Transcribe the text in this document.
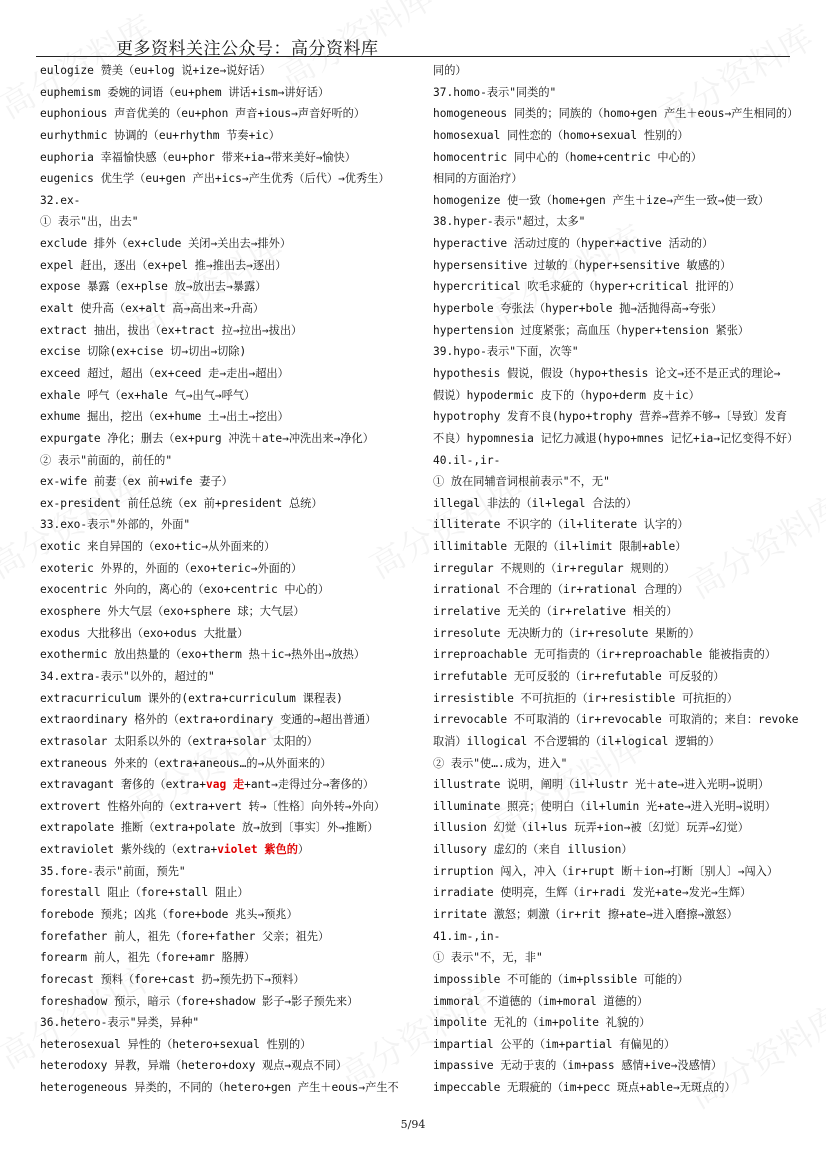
更多资料关注公众号：高分资料库
eulogize 赞美（eu+log 说+ize→说好话）
euphemism 委婉的词语（eu+phem 讲话+ism→讲好话）
euphonious 声音优美的（eu+phon 声音+ious→声音好听的）
eurhythmic 协调的（eu+rhythm 节奏+ic）
euphoria 幸福愉快感（eu+phor 带来+ia→带来美好→愉快）
eugenics 优生学（eu+gen 产出+ics→产生优秀（后代）→优秀生）
32.ex-
① 表示"出，出去"
exclude 排外（ex+clude 关闭→关出去→排外）
expel 赶出，逐出（ex+pel 推→推出去→逐出）
expose 暴露（ex+plse 放→放出去→暴露）
exalt 使升高（ex+alt 高→高出来→升高）
extract 抽出，拔出（ex+tract 拉→拉出→拔出）
excise 切除(ex+cise 切→切出→切除)
exceed 超过，超出（ex+ceed 走→走出→超出）
exhale 呼气（ex+hale 气→出气→呼气）
exhume 掘出，挖出（ex+hume 土→出土→挖出）
expurgate 净化；删去（ex+purg 冲洗＋ate→冲洗出来→净化）
② 表示"前面的，前任的"
ex-wife 前妻（ex 前+wife 妻子）
ex-president 前任总统（ex 前+president 总统）
33.exo-表示"外部的，外面"
exotic 来自异国的（exo+tic→从外面来的）
exoteric 外界的，外面的（exo+teric→外面的）
exocentric 外向的，离心的（exo+centric 中心的）
exosphere 外大气层（exo+sphere 球；大气层）
exodus 大批移出（exo+odus 大批量）
exothermic 放出热量的（exo+therm 热＋ic→热外出→放热）
34.extra-表示"以外的，超过的"
extracurriculum 课外的(extra+curriculum 课程表)
extraordinary 格外的（extra+ordinary 变通的→超出普通）
extrasolar 太阳系以外的（extra+solar 太阳的）
extraneous 外来的（extra+aneous…的→从外面来的）
extravagant 奢侈的（extra+vag 走+ant→走得过分→奢侈的）
extrovert 性格外向的（extra+vert 转→〔性格〕向外转→外向）
extrapolate 推断（extra+polate 放→放到〔事实〕外→推断）
extraviolet 紫外线的（extra+violet 紫色的）
35.fore-表示"前面，预先"
forestall 阻止（fore+stall 阻止）
forebode 预兆；凶兆（fore+bode 兆头→预兆）
forefather 前人，祖先（fore+father 父亲；祖先）
forearm 前人，祖先（fore+amr 胳膊）
forecast 预料（fore+cast 扔→预先扔下→预料）
foreshadow 预示，暗示（fore+shadow 影子→影子预先来）
36.hetero-表示"异类，异种"
heterosexual 异性的（hetero+sexual 性别的）
heterodoxy 异教，异端（hetero+doxy 观点→观点不同）
heterogeneous 异类的，不同的（hetero+gen 产生＋eous→产生不
同的）
37.homo-表示"同类的"
homogeneous 同类的；同族的（homo+gen 产生＋eous→产生相同的）
homosexual 同性恋的（homo+sexual 性别的）
homocentric 同中心的（home+centric 中心的）
相同的方面治疗）
homogenize 使一致（home+gen 产生＋ize→产生一致→使一致）
38.hyper-表示"超过，太多"
hyperactive 活动过度的（hyper+active 活动的）
hypersensitive 过敏的（hyper+sensitive 敏感的）
hypercritical 吹毛求疵的（hyper+critical 批评的）
hyperbole 夸张法（hyper+bole 抛→活抛得高→夸张）
hypertension 过度紧张；高血压（hyper+tension 紧张）
39.hypo-表示"下面，次等"
hypothesis 假说，假设（hypo+thesis 论文→还不是正式的理论→
假说）hypodermic 皮下的（hypo+derm 皮＋ic）
hypotrophy 发育不良(hypo+trophy 营养→营养不够→〔导致〕发育
不良）hypomnesia 记忆力减退(hypo+mnes 记忆+ia→记忆变得不好）
40.il-,ir-
① 放在同辅音词根前表示"不，无"
illegal 非法的（il+legal 合法的）
illiterate 不识字的（il+literate 认字的）
illimitable 无限的（il+limit 限制+able）
irregular 不规则的（ir+regular 规则的）
irrational 不合理的（ir+rational 合理的）
irrelative 无关的（ir+relative 相关的）
irresolute 无决断力的（ir+resolute 果断的）
irreproachable 无可指责的（ir+reproachable 能被指责的）
irrefutable 无可反驳的（ir+refutable 可反驳的）
irresistible 不可抗拒的（ir+resistible 可抗拒的）
irrevocable 不可取消的（ir+revocable 可取消的；来自：revoke
取消）illogical 不合逻辑的（il+logical 逻辑的）
② 表示"使….成为，进入"
illustrate 说明，阐明（il+lustr 光＋ate→进入光明→说明）
illuminate 照亮；使明白（il+lumin 光+ate→进入光明→说明）
illusion 幻觉（il+lus 玩弄+ion→被〔幻觉〕玩弄→幻觉）
illusory 虚幻的（来自 illusion）
irruption 闯入，冲入（ir+rupt 断＋ion→打断〔别人〕→闯入）
irradiate 使明亮，生辉（ir+radi 发光+ate→发光→生辉）
irritate 激怒；刺激（ir+rit 擦+ate→进入磨擦→激怒）
41.im-,in-
① 表示"不，无，非"
impossible 不可能的（im+plssible 可能的）
immoral 不道德的（im+moral 道德的）
impolite 无礼的（im+polite 礼貌的）
impartial 公平的（im+partial 有偏见的）
impassive 无动于衷的（im+pass 感情+ive→没感情）
impeccable 无瑕疵的（im+pecc 斑点+able→无斑点的）
5/94
